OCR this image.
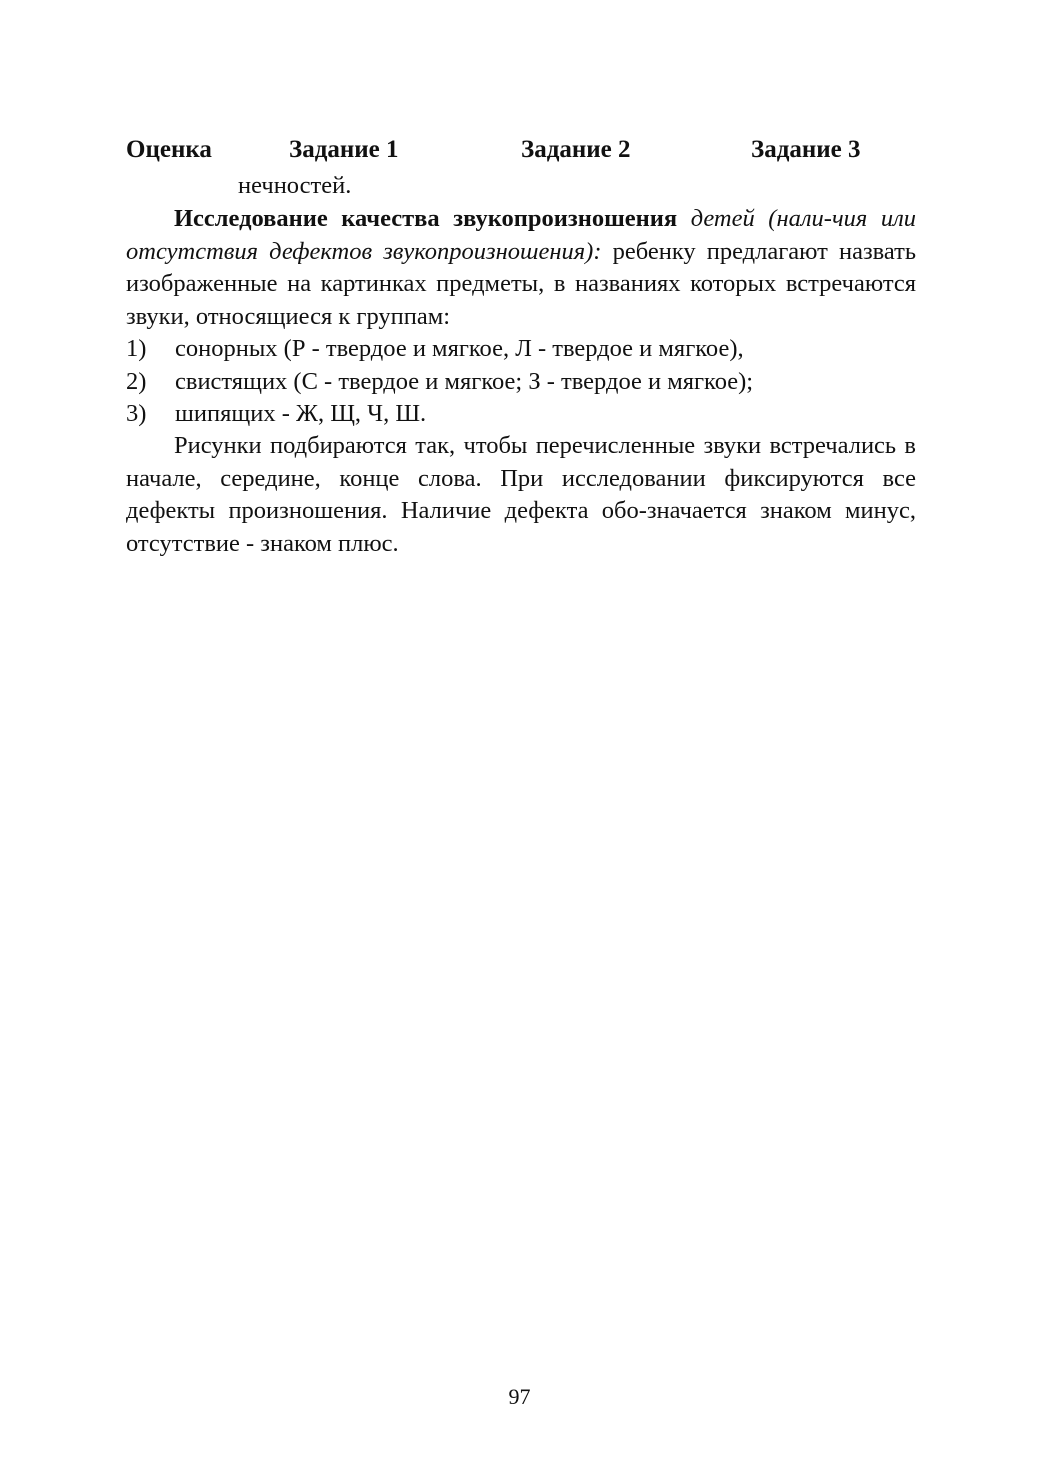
Оценка	Задание 1	Задание 2	Задание 3
нечностей.

Исследование качества звукопроизношения детей (нали-чия или отсутствия дефектов звукопроизношения): ребенку предлагают назвать изображенные на картинках предметы, в названиях которых встречаются звуки, относящиеся к группам:

1) сонорных (Р - твердое и мягкое, Л - твердое и мягкое),
2) свистящих (С - твердое и мягкое; З - твердое и мягкое);
3) шипящих - Ж, Щ, Ч, Ш.

Рисунки подбираются так, чтобы перечисленные звуки встречались в начале, середине, конце слова. При исследовании фиксируются все дефекты произношения. Наличие дефекта обо-значается знаком минус, отсутствие - знаком плюс.

97
